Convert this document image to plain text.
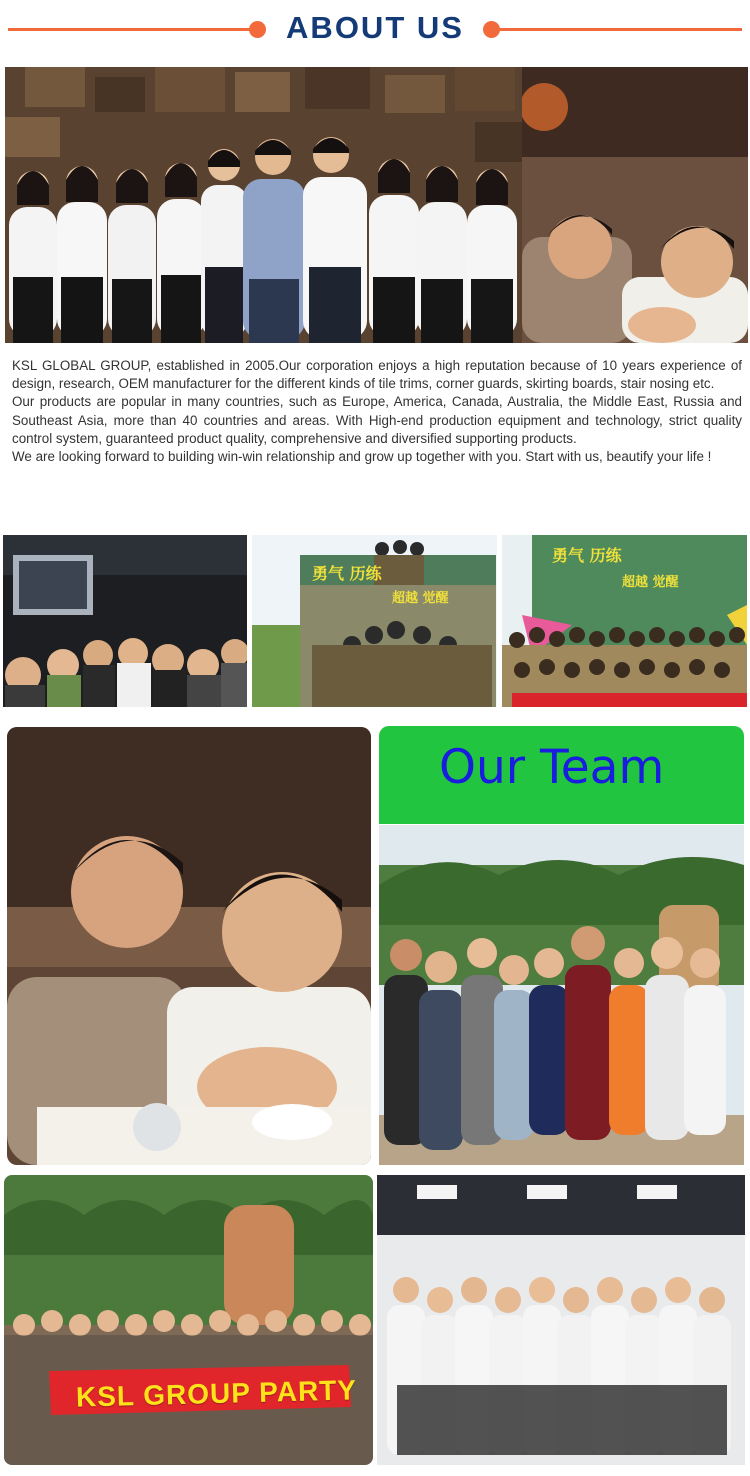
ABOUT US

KSL GLOBAL GROUP, established in 2005.Our corporation enjoys a high reputation because of 10 years experience of design, research, OEM manufacturer for the different kinds of tile trims, corner guards, skirting boards, stair nosing etc.

Our products are popular in many countries, such as Europe, America, Canada, Australia, the Middle East, Russia and Southeast Asia, more than 40 countries and areas. With High-end production equipment and technology, strict quality control system, guaranteed product quality, comprehensive and diversified supporting products.

We are looking forward to building win-win relationship and grow up together with you. Start with us, beautify your life !

勇气 历练
超越 觉醒
勇气 历练
超越 觉醒
Our Team
KSL GROUP PARTY
